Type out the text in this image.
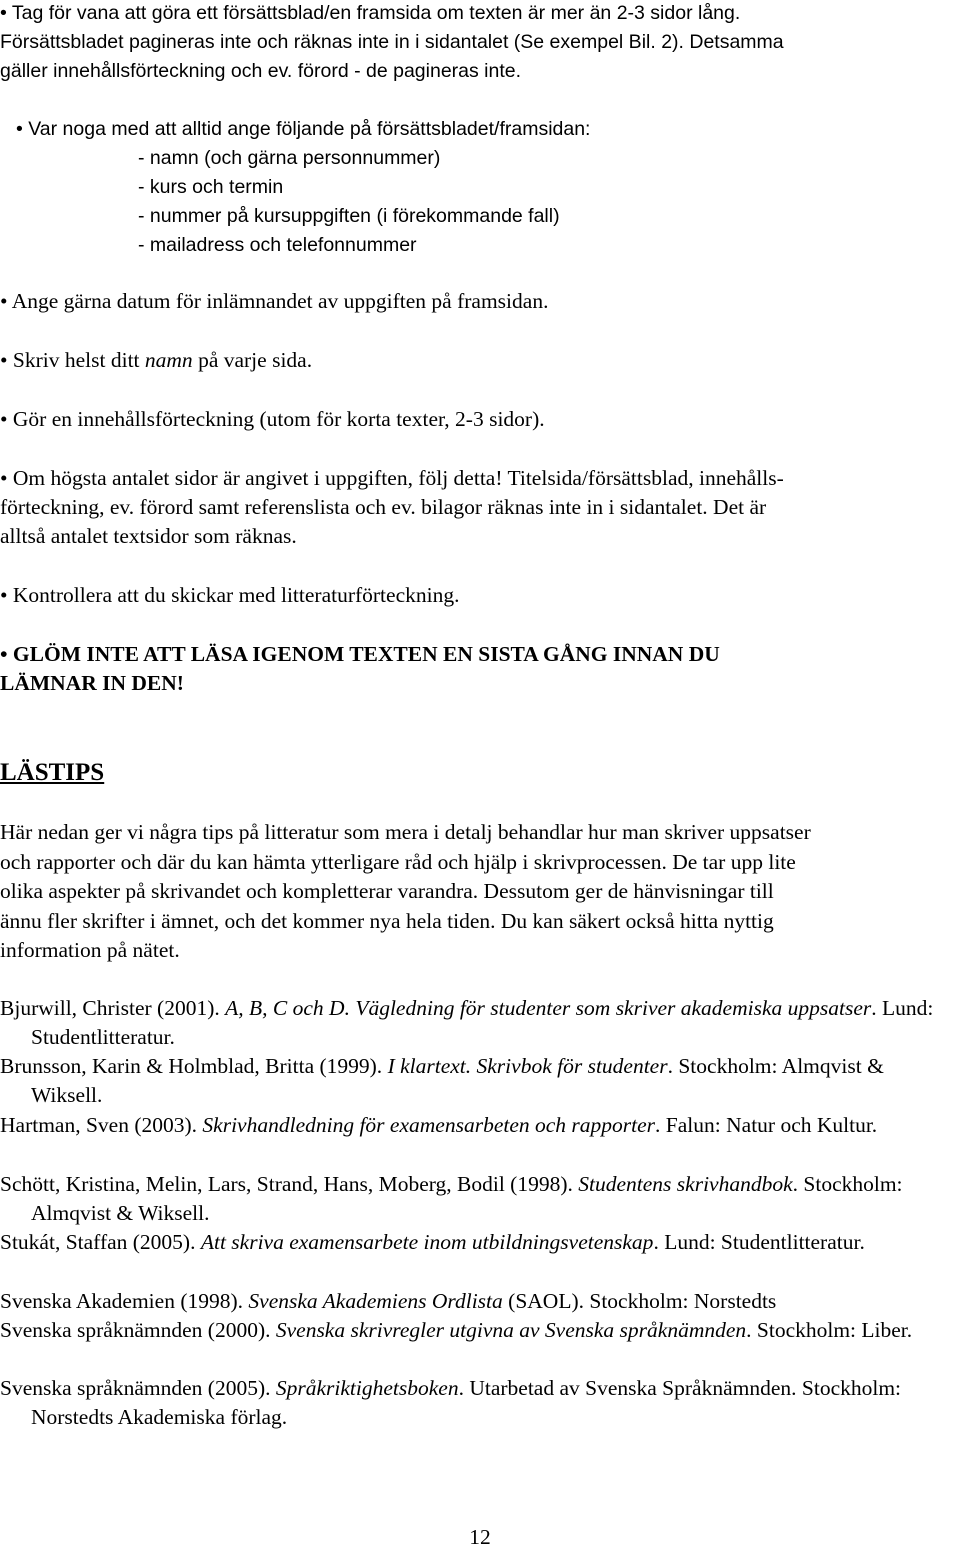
• Tag för vana att göra ett försättsblad/en framsida om texten är mer än 2-3 sidor lång.
Försättsbladet pagineras inte och räknas inte in i sidantalet (Se exempel Bil. 2). Detsamma
gäller innehållsförteckning och ev. förord - de pagineras inte.
• Var noga med att alltid ange följande på försättsbladet/framsidan:
- namn (och gärna personnummer)
- kurs och termin
- nummer på kursuppgiften (i förekommande fall)
- mailadress och telefonnummer
• Ange gärna datum för inlämnandet av uppgiften på framsidan.
• Skriv helst ditt namn på varje sida.
• Gör en innehållsförteckning (utom för korta texter, 2-3 sidor).
• Om högsta antalet sidor är angivet i uppgiften, följ detta! Titelsida/försättsblad, innehålls-
förteckning, ev. förord samt referenslista och ev. bilagor räknas inte in i sidantalet. Det är
alltså antalet textsidor som räknas.
• Kontrollera att du skickar med litteraturförteckning.
• GLÖM INTE ATT LÄSA IGENOM TEXTEN EN SISTA GÅNG INNAN DU
LÄMNAR IN DEN!
LÄSTIPS
Här nedan ger vi några tips på litteratur som mera i detalj behandlar hur man skriver uppsatser
och rapporter och där du kan hämta ytterligare råd och hjälp i skrivprocessen. De tar upp lite
olika aspekter på skrivandet och kompletterar varandra. Dessutom ger de hänvisningar till
ännu fler skrifter i ämnet, och det kommer nya hela tiden. Du kan säkert också hitta nyttig
information på nätet.
Bjurwill, Christer (2001). A, B, C och D. Vägledning för studenter som skriver akademiska uppsatser. Lund: Studentlitteratur.
Brunsson, Karin & Holmblad, Britta (1999). I klartext. Skrivbok för studenter. Stockholm: Almqvist & Wiksell.
Hartman, Sven (2003). Skrivhandledning för examensarbeten och rapporter. Falun: Natur och Kultur.
Schött, Kristina, Melin, Lars, Strand, Hans, Moberg, Bodil (1998). Studentens skrivhandbok. Stockholm: Almqvist & Wiksell.
Stukát, Staffan (2005). Att skriva examensarbete inom utbildningsvetenskap. Lund: Studentlitteratur.
Svenska Akademien (1998). Svenska Akademiens Ordlista (SAOL). Stockholm: Norstedts
Svenska språknämnden (2000). Svenska skrivregler utgivna av Svenska språknämnden. Stockholm: Liber.
Svenska språknämnden (2005). Språkriktighetsboken. Utarbetad av Svenska Språknämnden. Stockholm: Norstedts Akademiska förlag.
12
